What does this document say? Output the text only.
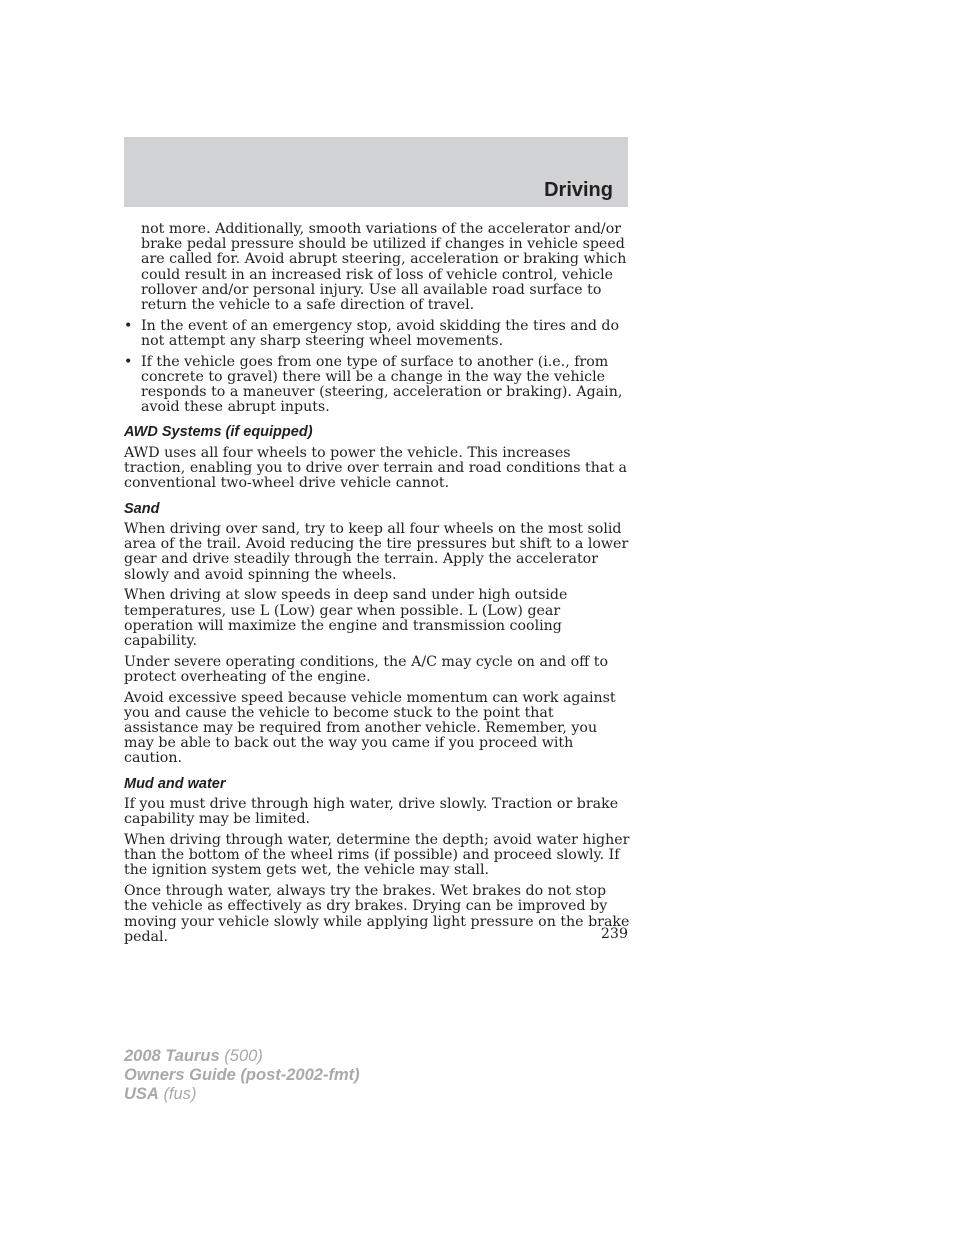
Driving

not more. Additionally, smooth variations of the accelerator and/or brake pedal pressure should be utilized if changes in vehicle speed are called for. Avoid abrupt steering, acceleration or braking which could result in an increased risk of loss of vehicle control, vehicle rollover and/or personal injury. Use all available road surface to return the vehicle to a safe direction of travel.

• In the event of an emergency stop, avoid skidding the tires and do not attempt any sharp steering wheel movements.
• If the vehicle goes from one type of surface to another (i.e., from concrete to gravel) there will be a change in the way the vehicle responds to a maneuver (steering, acceleration or braking). Again, avoid these abrupt inputs.
AWD Systems (if equipped)

AWD uses all four wheels to power the vehicle. This increases traction, enabling you to drive over terrain and road conditions that a conventional two-wheel drive vehicle cannot.

Sand

When driving over sand, try to keep all four wheels on the most solid area of the trail. Avoid reducing the tire pressures but shift to a lower gear and drive steadily through the terrain. Apply the accelerator slowly and avoid spinning the wheels.

When driving at slow speeds in deep sand under high outside temperatures, use L (Low) gear when possible. L (Low) gear operation will maximize the engine and transmission cooling capability.

Under severe operating conditions, the A/C may cycle on and off to protect overheating of the engine.

Avoid excessive speed because vehicle momentum can work against you and cause the vehicle to become stuck to the point that assistance may be required from another vehicle. Remember, you may be able to back out the way you came if you proceed with caution.

Mud and water

If you must drive through high water, drive slowly. Traction or brake capability may be limited.

When driving through water, determine the depth; avoid water higher than the bottom of the wheel rims (if possible) and proceed slowly. If the ignition system gets wet, the vehicle may stall.

Once through water, always try the brakes. Wet brakes do not stop the vehicle as effectively as dry brakes. Drying can be improved by moving your vehicle slowly while applying light pressure on the brake pedal.	239
2008 Taurus (500)
Owners Guide (post-2002-fmt)
USA (fus)
